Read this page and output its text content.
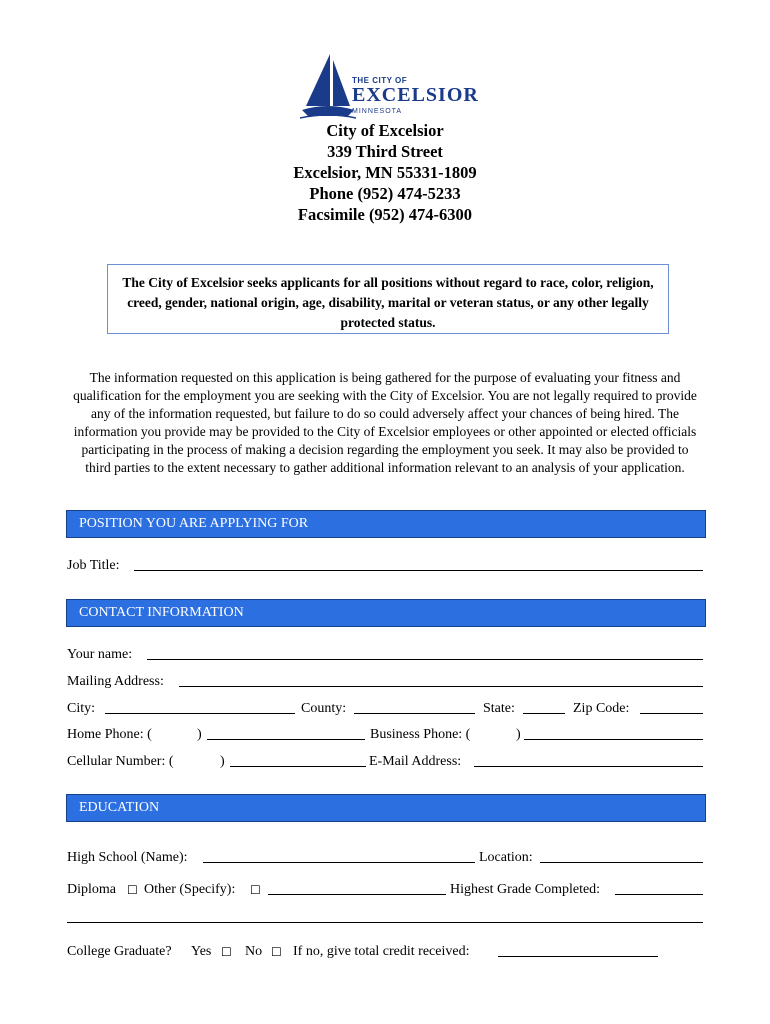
THE CITY OF
EXCELSIOR
MINNESOTA
City of Excelsior
339 Third Street
Excelsior, MN 55331-1809
Phone (952) 474-5233
Facsimile (952) 474-6300
The City of Excelsior seeks applicants for all positions without regard to race, color, religion, creed, gender, national origin, age, disability, marital or veteran status, or any other legally protected status.
The information requested on this application is being gathered for the purpose of evaluating your fitness and qualification for the employment you are seeking with the City of Excelsior. You are not legally required to provide any of the information requested, but failure to do so could adversely affect your chances of being hired. The information you provide may be provided to the City of Excelsior employees or other appointed or elected officials participating in the process of making a decision regarding the employment you seek. It may also be provided to third parties to the extent necessary to gather additional information relevant to an analysis of your application.
POSITION YOU ARE APPLYING FOR
Job Title:
CONTACT INFORMATION
Your name:
Mailing Address:
City:	County:	State:	Zip Code:
Home Phone: (	)	Business Phone: (	)
Cellular Number: (	)	E-Mail Address:
EDUCATION
High School (Name):	Location:
Diploma ☐ Other (Specify): ☐	Highest Grade Completed:
College Graduate? Yes ☐ No ☐ If no, give total credit received:
